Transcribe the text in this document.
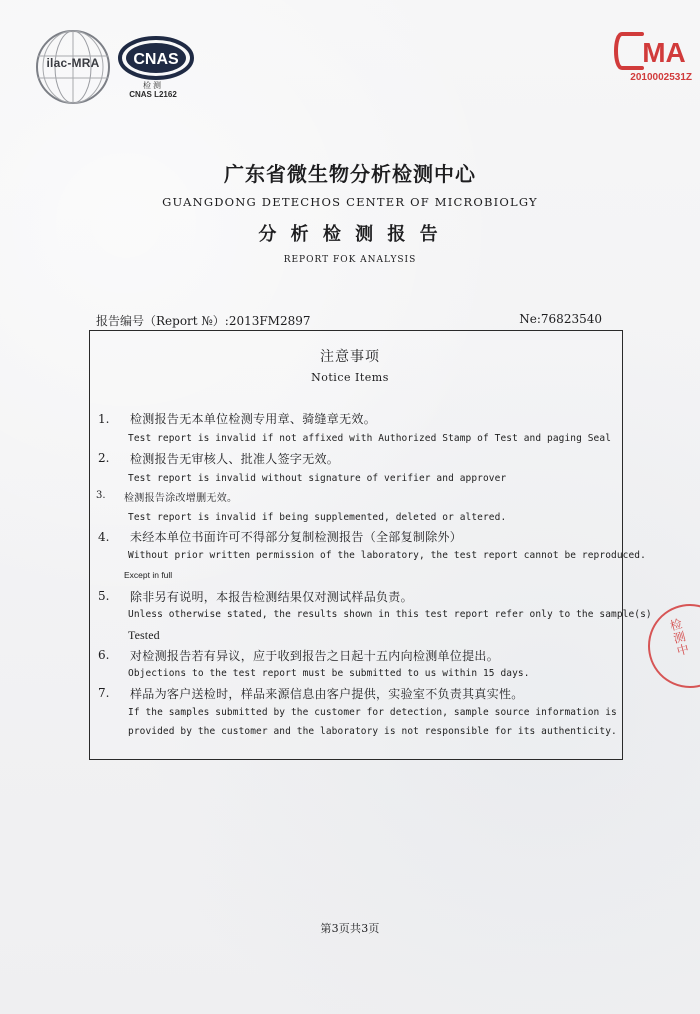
ilac-MRA	CNAS
检测
CNAS L2162
MA
2010002531Z
广东省微生物分析检测中心
GUANGDONG DETECHOS CENTER OF MICROBIOLGY
分 析 检 测 报 告
REPORT FOK ANALYSIS
报告编号（Report №）:2013FM2897	Ne:76823540
注意事项
Notice Items
1. 检测报告无本单位检测专用章、骑缝章无效。
Test report is invalid if not affixed with Authorized Stamp of Test and paging Seal
2. 检测报告无审核人、批准人签字无效。
Test report is invalid without signature of verifier and approver
3. 检测报告涂改增删无效。
Test report is invalid if being supplemented, deleted or altered.
4. 未经本单位书面许可不得部分复制检测报告（全部复制除外）
Without prior written permission of the laboratory, the test report cannot be reproduced.
Except in full
5. 除非另有说明，本报告检测结果仅对测试样品负责。
Unless otherwise stated, the results shown in this test report refer only to the sample(s)
Tested
6. 对检测报告若有异议，应于收到报告之日起十五内向检测单位提出。
Objections to the test report must be submitted to us within 15 days.
7. 样品为客户送检时，样品来源信息由客户提供，实验室不负责其真实性。
If the samples submitted by the customer for detection, sample source information is
provided by the customer and the laboratory is not responsible for its authenticity.
第3页共3页
检测中
